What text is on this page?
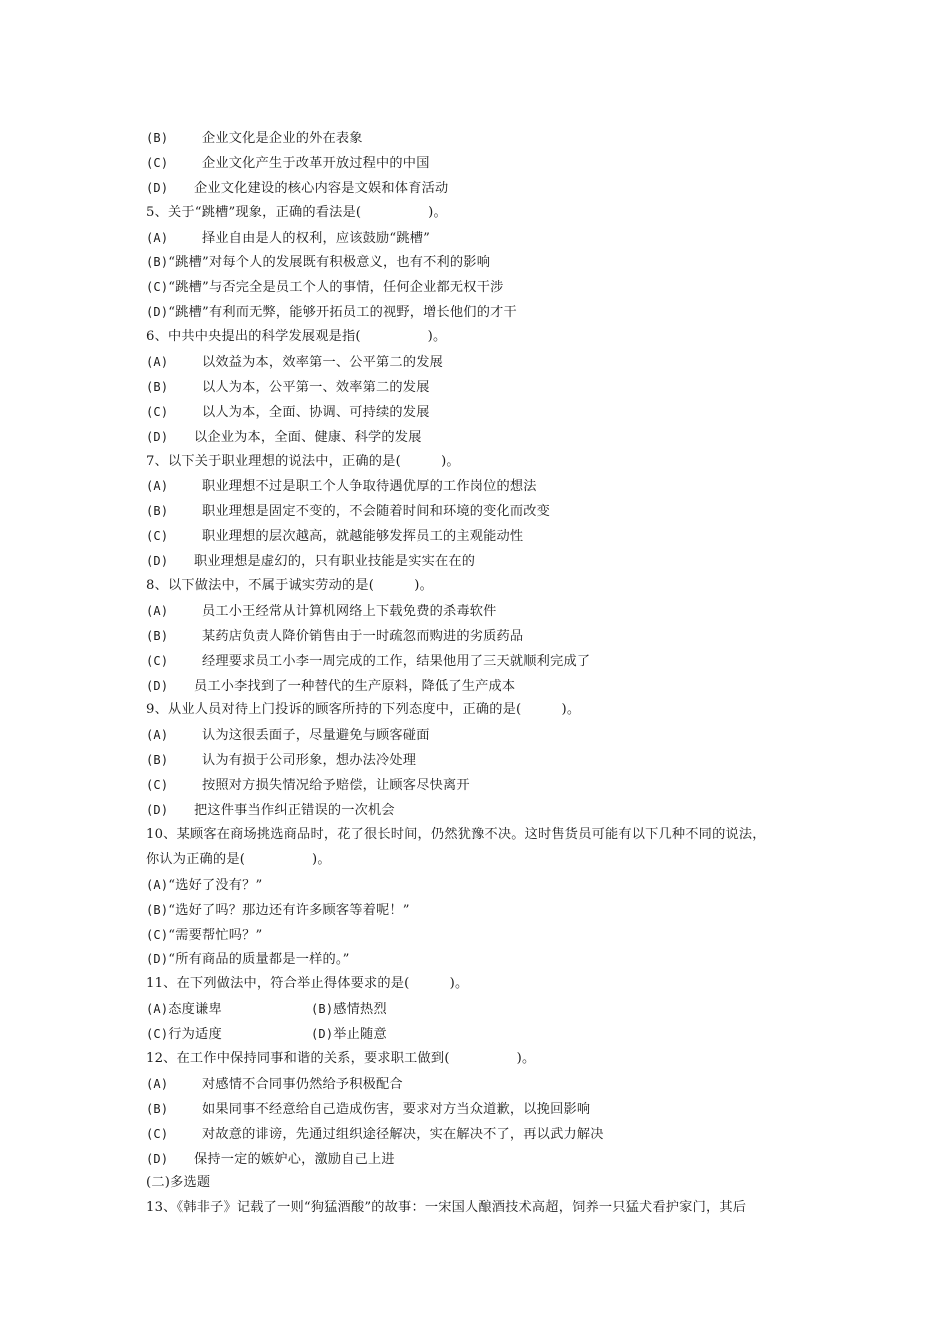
(B)	企业文化是企业的外在表象
(C)	企业文化产生于改革开放过程中的中国
(D) 企业文化建设的核心内容是文娱和体育活动
5、关于“跳槽”现象，正确的看法是(　　　　　)。
(A)	择业自由是人的权利，应该鼓励“跳槽”
(B)“跳槽”对每个人的发展既有积极意义，也有不利的影响
(C)“跳槽”与否完全是员工个人的事情，任何企业都无权干涉
(D)“跳槽”有利而无弊，能够开拓员工的视野，增长他们的才干
6、中共中央提出的科学发展观是指(　　　　　)。
(A)	以效益为本，效率第一、公平第二的发展
(B)	以人为本，公平第一、效率第二的发展
(C)	以人为本，全面、协调、可持续的发展
(D) 以企业为本，全面、健康、科学的发展
7、以下关于职业理想的说法中，正确的是(　　　)。
(A)	职业理想不过是职工个人争取待遇优厚的工作岗位的想法
(B)	职业理想是固定不变的，不会随着时间和环境的变化而改变
(C)	职业理想的层次越高，就越能够发挥员工的主观能动性
(D) 职业理想是虚幻的，只有职业技能是实实在在的
8、以下做法中，不属于诚实劳动的是(　　　)。
(A)	员工小王经常从计算机网络上下载免费的杀毒软件
(B)	某药店负责人降价销售由于一时疏忽而购进的劣质药品
(C)	经理要求员工小李一周完成的工作，结果他用了三天就顺利完成了
(D) 员工小李找到了一种替代的生产原料，降低了生产成本
9、从业人员对待上门投诉的顾客所持的下列态度中，正确的是(　　　)。
(A)	认为这很丢面子，尽量避免与顾客碰面
(B)	认为有损于公司形象，想办法冷处理
(C)	按照对方损失情况给予赔偿，让顾客尽快离开
(D) 把这件事当作纠正错误的一次机会
10、某顾客在商场挑选商品时，花了很长时间，仍然犹豫不决。这时售货员可能有以下几种不同的说法，
你认为正确的是(　　　　　)。
(A)“选好了没有？”
(B)“选好了吗？那边还有许多顾客等着呢！”
(C)“需要帮忙吗？”
(D)“所有商品的质量都是一样的。”
11、在下列做法中，符合举止得体要求的是(　　　)。
(A)态度谦卑	(B)感情热烈
(C)行为适度	(D)举止随意
12、在工作中保持同事和谐的关系，要求职工做到(　　　　　)。
(A)	对感情不合同事仍然给予积极配合
(B)	如果同事不经意给自己造成伤害，要求对方当众道歉，以挽回影响
(C)	对故意的诽谤，先通过组织途径解决，实在解决不了，再以武力解决
(D) 保持一定的嫉妒心，激励自己上进
(二)多选题
13、《韩非子》记载了一则“狗猛酒酸”的故事：一宋国人酿酒技术高超，饲养一只猛犬看护家门，其后
